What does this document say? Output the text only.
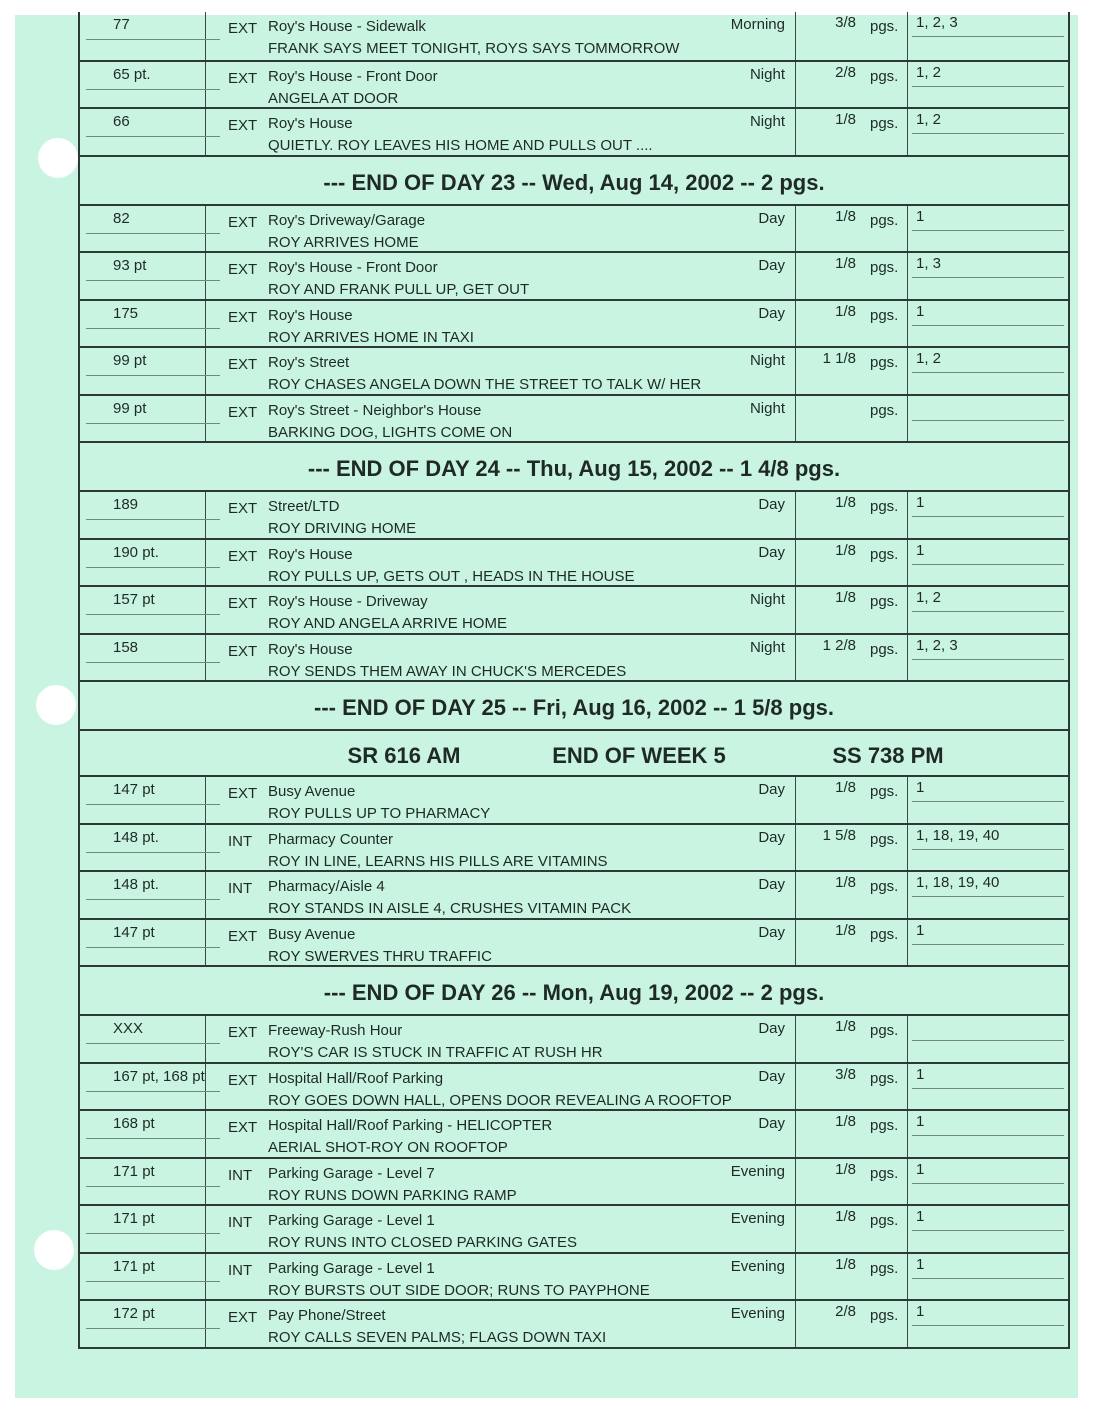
77	EXT Roy's House - Sidewalk
FRANK SAYS MEET TONIGHT, ROYS SAYS TOMMORROW
Morning	3/8 pgs. 1, 2, 3
65 pt.	EXT Roy's House - Front Door
ANGELA AT DOOR
Night	2/8 pgs. 1, 2
66	EXT Roy's House
QUIETLY. ROY LEAVES HIS HOME AND PULLS OUT ....
Night	1/8 pgs. 1, 2
--- END OF DAY 23 -- Wed, Aug 14, 2002 -- 2 pgs.
82	EXT Roy's Driveway/Garage
ROY ARRIVES HOME
Day	1/8 pgs. 1
93 pt	EXT Roy's House - Front Door
ROY AND FRANK PULL UP, GET OUT
Day	1/8 pgs. 1, 3
175	EXT Roy's House
ROY ARRIVES HOME IN TAXI
Day	1/8 pgs. 1
99 pt	EXT Roy's Street
ROY CHASES ANGELA DOWN THE STREET TO TALK W/ HER
Night	1 1/8 pgs. 1, 2
99 pt	EXT Roy's Street - Neighbor's House
BARKING DOG, LIGHTS COME ON
Night	pgs.
--- END OF DAY 24 -- Thu, Aug 15, 2002 -- 1 4/8 pgs.
189	EXT Street/LTD
ROY DRIVING HOME
Day	1/8 pgs. 1
190 pt.	EXT Roy's House
ROY PULLS UP, GETS OUT , HEADS IN THE HOUSE
Day	1/8 pgs. 1
157 pt	EXT Roy's House - Driveway
ROY AND ANGELA ARRIVE HOME
Night	1/8 pgs. 1, 2
158	EXT Roy's House
ROY SENDS THEM AWAY IN CHUCK'S MERCEDES
Night	1 2/8 pgs. 1, 2, 3
--- END OF DAY 25 -- Fri, Aug 16, 2002 -- 1 5/8 pgs.
SR 616 AM	END OF WEEK 5	SS 738 PM
147 pt	EXT Busy Avenue
ROY PULLS UP TO PHARMACY
Day	1/8 pgs. 1
148 pt.	INT Pharmacy Counter
ROY IN LINE, LEARNS HIS PILLS ARE VITAMINS
Day	1 5/8 pgs. 1, 18, 19, 40
148 pt.	INT Pharmacy/Aisle 4
ROY STANDS IN AISLE 4, CRUSHES VITAMIN PACK
Day	1/8 pgs. 1, 18, 19, 40
147 pt	EXT Busy Avenue
ROY SWERVES THRU TRAFFIC
Day	1/8 pgs. 1
--- END OF DAY 26 -- Mon, Aug 19, 2002 -- 2 pgs.
XXX	EXT Freeway-Rush Hour
ROY'S CAR IS STUCK IN TRAFFIC AT RUSH HR
Day	1/8 pgs.
167 pt, 168 pt EXT Hospital Hall/Roof Parking
ROY GOES DOWN HALL, OPENS DOOR REVEALING A ROOFTOP
Day	3/8 pgs. 1
168 pt	EXT Hospital Hall/Roof Parking - HELICOPTER
AERIAL SHOT-ROY ON ROOFTOP
Day	1/8 pgs. 1
171 pt	INT Parking Garage - Level 7
ROY RUNS DOWN PARKING RAMP
Evening	1/8 pgs. 1
171 pt	INT Parking Garage - Level 1
ROY RUNS INTO CLOSED PARKING GATES
Evening	1/8 pgs. 1
171 pt	INT Parking Garage - Level 1
ROY BURSTS OUT SIDE DOOR; RUNS TO PAYPHONE
Evening	1/8 pgs. 1
172 pt	EXT Pay Phone/Street
ROY CALLS SEVEN PALMS; FLAGS DOWN TAXI
Evening	2/8 pgs. 1
